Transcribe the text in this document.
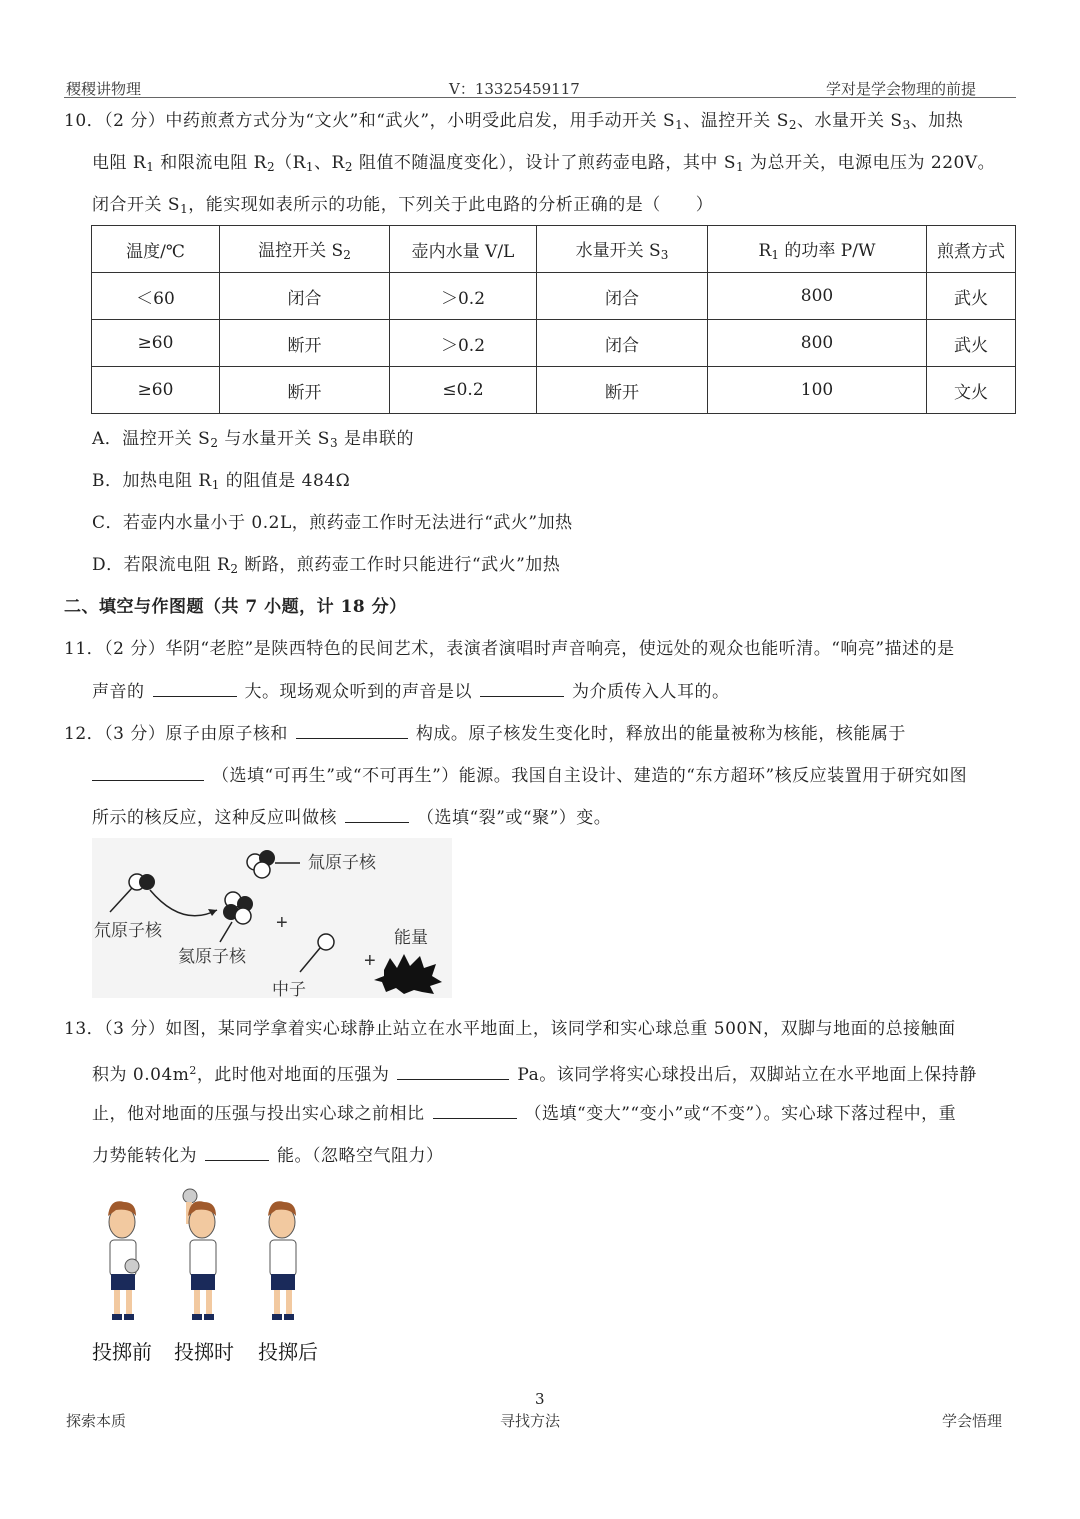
稷稷讲物理	V：13325459117	学对是学会物理的前提
10．（2 分）中药煎煮方式分为“文火”和“武火”，小明受此启发，用手动开关 $S_1$、温控开关 $S_2$、水量开关 $S_3$、加热
电阻 $R_1$ 和限流电阻 $R_2(R_1$、$R_2$ 阻值不随温度变化），设计了煎药壶电路，其中 $S_1$ 为总开关，电源电压为 220V。
闭合开关 $S_1$，能实现如表所示的功能，下列关于此电路的分析正确的是（　　）
温度/℃	温控开关 $S_2$	壶内水量 V/L	水量开关 $S_3$	$R_1$ 的功率 P/W	煎煮方式
＜60	闭合	＞0.2	闭合	800	武火
≥60	断开	＞0.2	闭合	800	武火
≥60	断开	≤0.2	断开	100	文火
A．温控开关 $S_2$ 与水量开关 $S_3$ 是串联的
B．加热电阻 $R_1$ 的阻值是 484Ω
C．若壶内水量小于 0.2L，煎药壶工作时无法进行“武火”加热
D．若限流电阻 $R_2$ 断路，煎药壶工作时只能进行“武火”加热
二、填空与作图题（共 7 小题，计 18 分）
11．（2 分）华阴“老腔”是陕西特色的民间艺术，表演者演唱时声音响亮，使远处的观众也能听清。“响亮”描述的是
声音的	大。现场观众听到的声音是以	为介质传入人耳的。
12．（3 分）原子由原子核和	构成。原子核发生变化时，释放出的能量被称为核能，核能属于
（选填“可再生”或“不可再生”）能源。我国自主设计、建造的“东方超环”核反应装置用于研究如图
所示的核反应，这种反应叫做核	（选填“裂”或“聚”）变。
氚原子核
氘原子核
氦原子核
+
能量
+
中子
13．（3 分）如图，某同学拿着实心球静止站立在水平地面上，该同学和实心球总重 500N，双脚与地面的总接触面
积为 $0.04m^2$，此时他对地面的压强为	Pa。该同学将实心球投出后，双脚站立在水平地面上保持静
止，他对地面的压强与投出实心球之前相比	（选填“变大”“变小”或“不变”）。实心球下落过程中，重
力势能转化为	能。（忽略空气阻力）
投掷前 投掷时 投掷后
3
探索本质	寻找方法	学会悟理
